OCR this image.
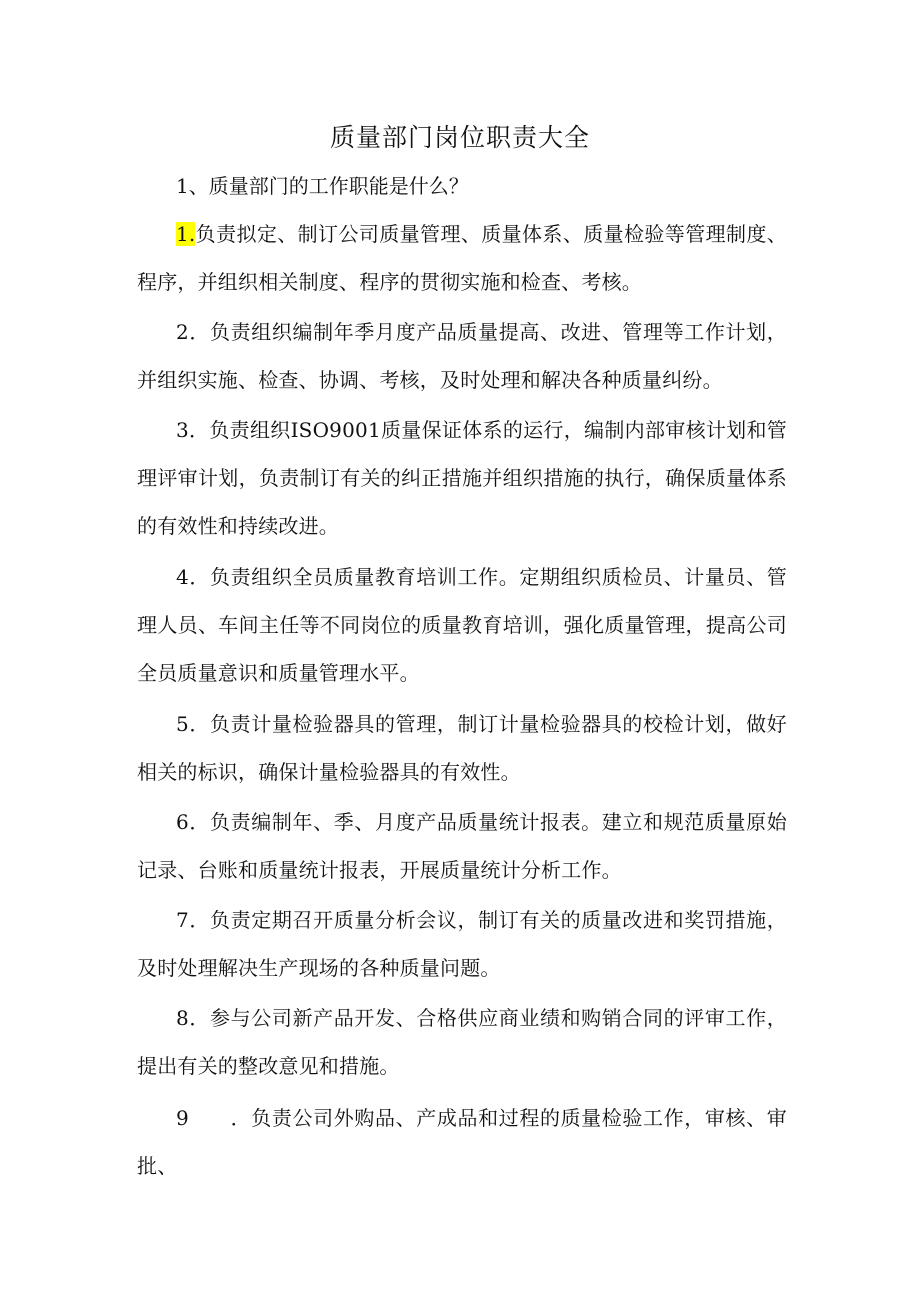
质量部门岗位职责大全
1、质量部门的工作职能是什么？
1.负责拟定、制订公司质量管理、质量体系、质量检验等管理制度、程序，并组织相关制度、程序的贯彻实施和检查、考核。
2．负责组织编制年季月度产品质量提高、改进、管理等工作计划，并组织实施、检查、协调、考核，及时处理和解决各种质量纠纷。
3．负责组织ISO9001质量保证体系的运行，编制内部审核计划和管理评审计划，负责制订有关的纠正措施并组织措施的执行，确保质量体系的有效性和持续改进。
4．负责组织全员质量教育培训工作。定期组织质检员、计量员、管理人员、车间主任等不同岗位的质量教育培训，强化质量管理，提高公司全员质量意识和质量管理水平。
5．负责计量检验器具的管理，制订计量检验器具的校检计划，做好相关的标识，确保计量检验器具的有效性。
6．负责编制年、季、月度产品质量统计报表。建立和规范质量原始记录、台账和质量统计报表，开展质量统计分析工作。
7．负责定期召开质量分析会议，制订有关的质量改进和奖罚措施，及时处理解决生产现场的各种质量问题。
8．参与公司新产品开发、合格供应商业绩和购销合同的评审工作，提出有关的整改意见和措施。
9　　．负责公司外购品、产成品和过程的质量检验工作，审核、审批、
